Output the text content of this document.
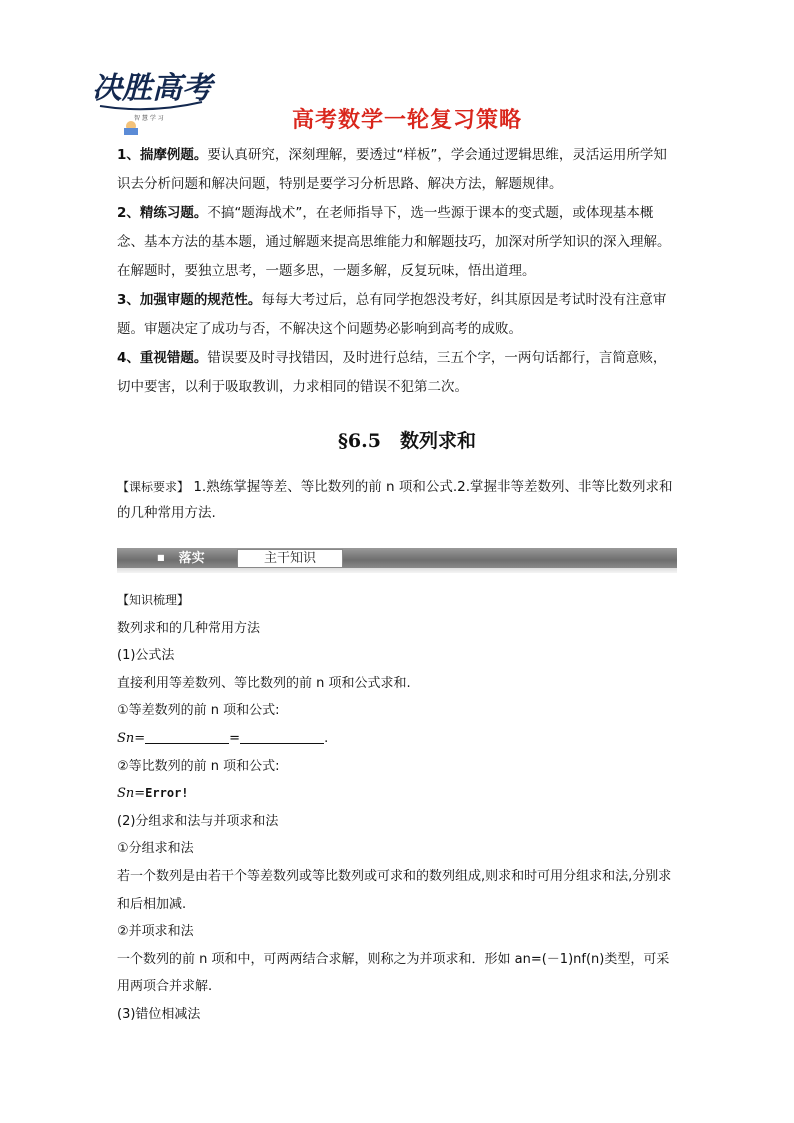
决胜高考
智 慧 学 习	高考数学一轮复习策略

1、揣摩例题。要认真研究，深刻理解，要透过“样板”，学会通过逻辑思维，灵活运用所学知识去分析问题和解决问题，特别是要学习分析思路、解决方法，解题规律。

2、精练习题。不搞“题海战术”，在老师指导下，选一些源于课本的变式题，或体现基本概念、基本方法的基本题，通过解题来提高思维能力和解题技巧，加深对所学知识的深入理解。在解题时，要独立思考，一题多思，一题多解，反复玩味，悟出道理。

3、加强审题的规范性。每每大考过后，总有同学抱怨没考好，纠其原因是考试时没有注意审题。审题决定了成功与否，不解决这个问题势必影响到高考的成败。

4、重视错题。错误要及时寻找错因，及时进行总结，三五个字，一两句话都行，言简意赅，切中要害，以利于吸取教训，力求相同的错误不犯第二次。

§6.5　数列求和
【课标要求】 1.熟练掌握等差、等比数列的前 n 项和公式.2.掌握非等差数列、非等比数列求和的几种常用方法.
■ 落实	主干知识
【知识梳理】
数列求和的几种常用方法
(1)公式法
直接利用等差数列、等比数列的前 n 项和公式求和.
①等差数列的前 n 项和公式:
Sn=	=	.
②等比数列的前 n 项和公式:
Sn=Error!
(2)分组求和法与并项求和法
①分组求和法
若一个数列是由若干个等差数列或等比数列或可求和的数列组成,则求和时可用分组求和法,分别求和后相加减.
②并项求和法
一个数列的前 n 项和中，可两两结合求解，则称之为并项求和．形如 an=(－1)nf(n)类型，可采用两项合并求解.
(3)错位相减法
